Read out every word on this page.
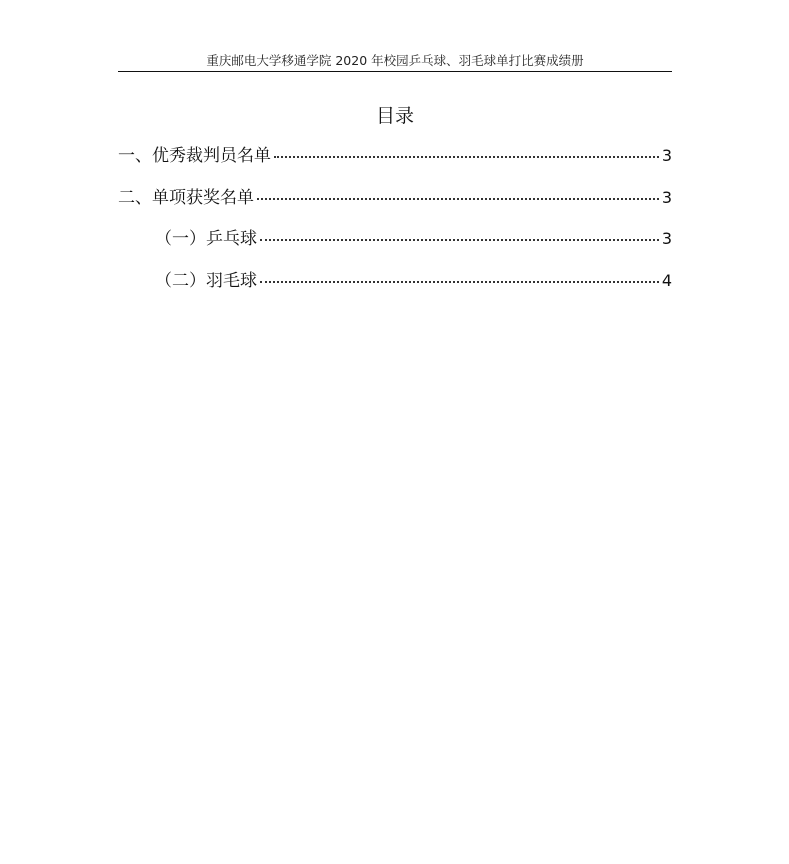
重庆邮电大学移通学院 2020 年校园乒乓球、羽毛球单打比赛成绩册
目录
一、优秀裁判员名单	3
二、单项获奖名单	3
（一）乒乓球	3
（二）羽毛球	4
